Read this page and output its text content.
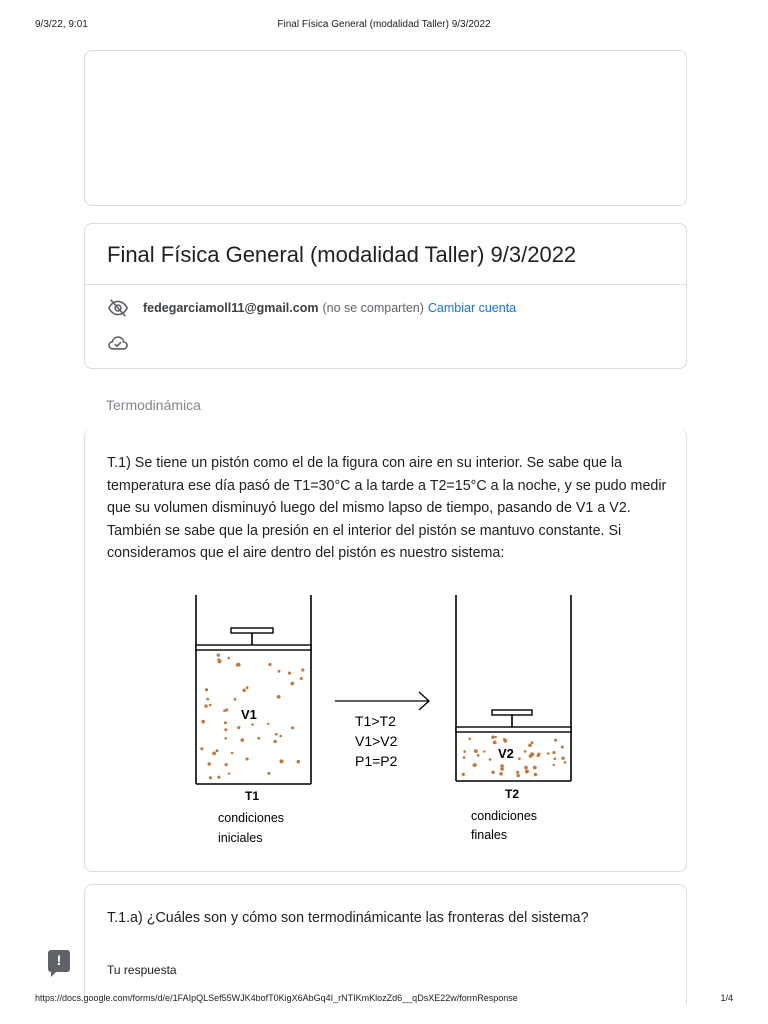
9/3/22, 9:01	Final Física General (modalidad Taller) 9/3/2022
Final Física General (modalidad Taller) 9/3/2022
fedegarciamoll11@gmail.com (no se comparten) Cambiar cuenta
Termodinámica

T.1) Se tiene un pistón como el de la figura con aire en su interior. Se sabe que la temperatura ese día pasó de T1=30°C a la tarde a T2=15°C a la noche, y se pudo medir que su volumen disminuyó luego del mismo lapso de tiempo, pasando de V1 a V2. También se sabe que la presión en el interior del pistón se mantuvo constante. Si consideramos que el aire dentro del pistón es nuestro sistema:

V1
T1
condiciones
iniciales
T1>T2
V1>V2
P1=P2	V2
T2
condiciones
finales
T.1.a) ¿Cuáles son y cómo son termodinámicante las fronteras del sistema?
Tu respuesta
!
https://docs.google.com/forms/d/e/1FAIpQLSef55WJK4bofT0KigX6AbGq4I_rNTIKmKlozZd6__qDsXE22w/formResponse	1/4
